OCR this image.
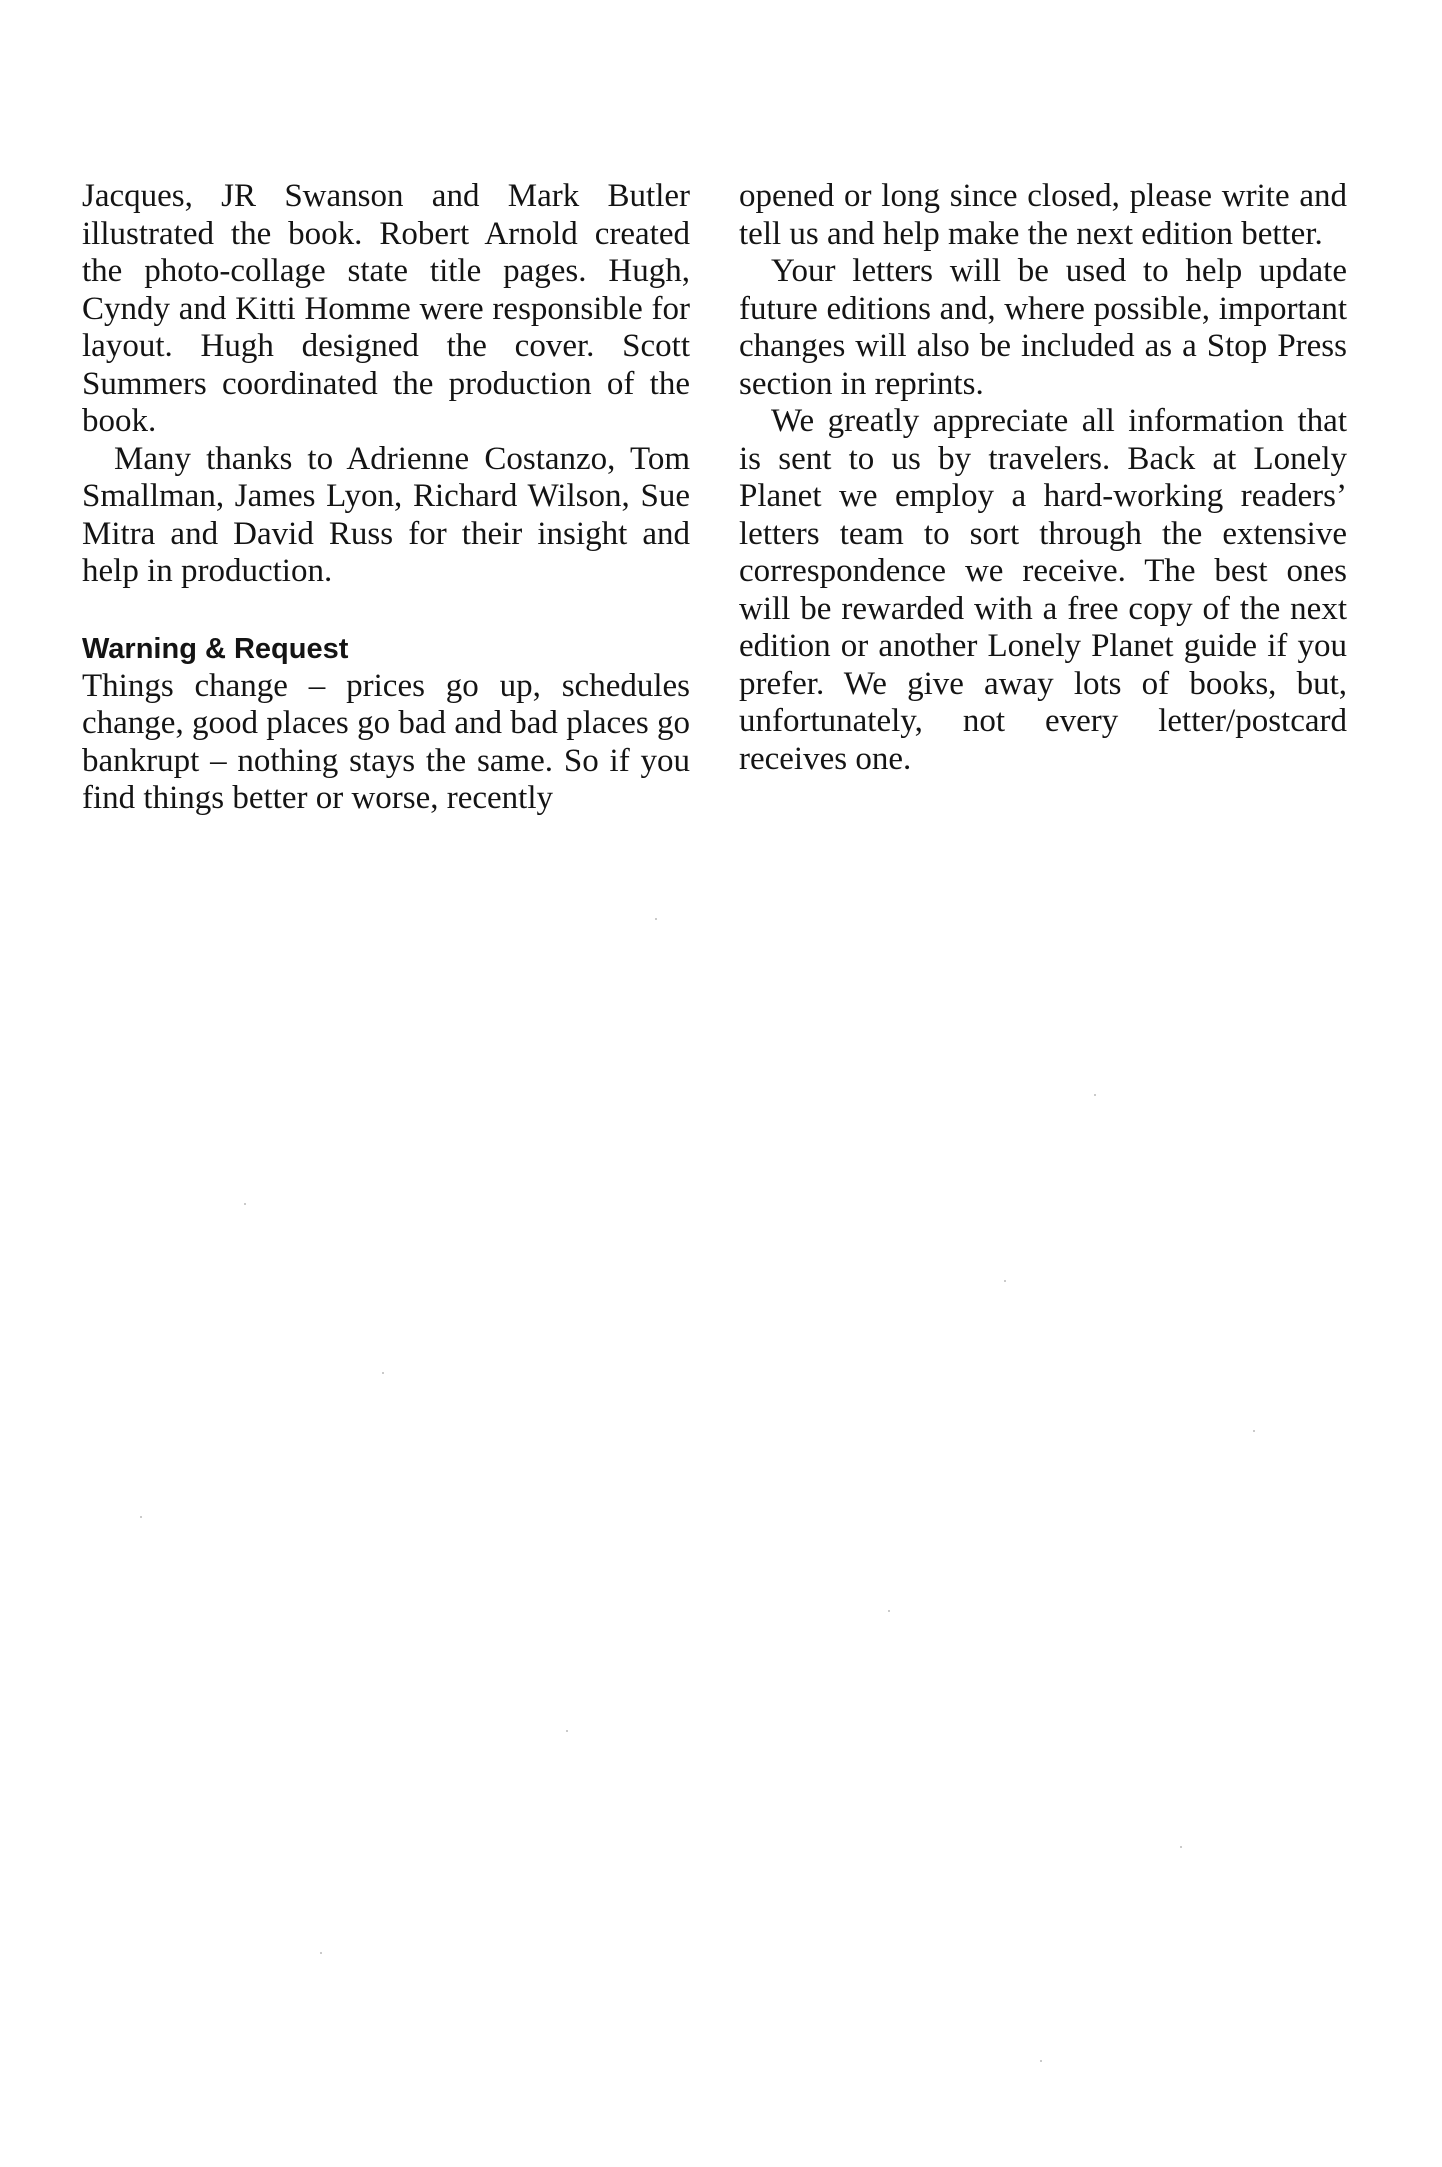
Jacques, JR Swanson and Mark Butler illustrated the book. Robert Arnold created the photo-collage state title pages. Hugh, Cyndy and Kitti Homme were responsible for layout. Hugh designed the cover. Scott Summers coordinated the production of the book.

Many thanks to Adrienne Costanzo, Tom Smallman, James Lyon, Richard Wilson, Sue Mitra and David Russ for their insight and help in production.

Warning & Request

Things change – prices go up, schedules change, good places go bad and bad places go bankrupt – nothing stays the same. So if you find things better or worse, recently

opened or long since closed, please write and tell us and help make the next edition better.

Your letters will be used to help update future editions and, where possible, important changes will also be included as a Stop Press section in reprints.

We greatly appreciate all information that is sent to us by travelers. Back at Lonely Planet we employ a hard-working readers’ letters team to sort through the extensive correspondence we receive. The best ones will be rewarded with a free copy of the next edition or another Lonely Planet guide if you prefer. We give away lots of books, but, unfortunately, not every letter/postcard receives one.
